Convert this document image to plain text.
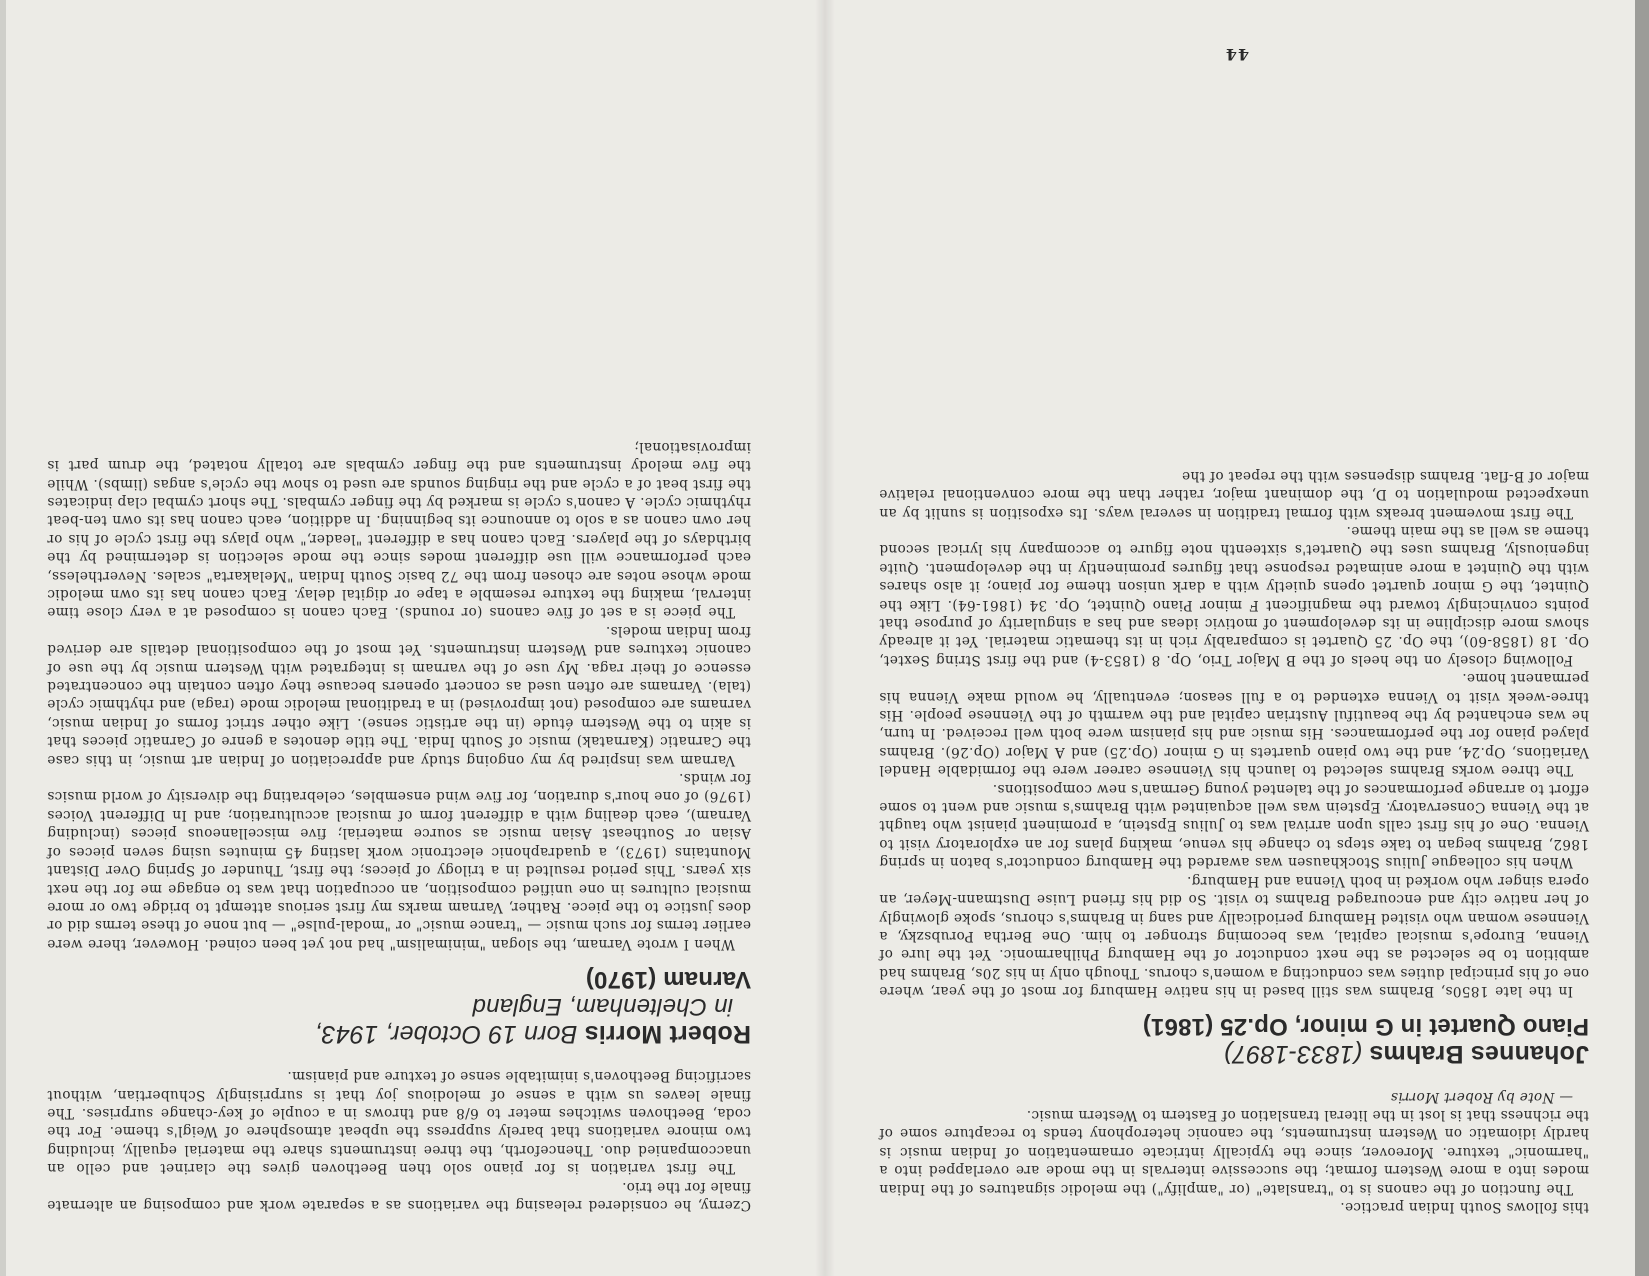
this follows South Indian practice.

The function of the canons is to "translate" (or "amplify") the melodic signatures of the Indian modes into a more Western format; the successive intervals in the mode are overlapped into a "harmonic" texture. Moreover, since the typically intricate ornamentation of Indian music is hardly idiomatic on Western instruments, the canonic heterophony tends to recapture some of the richness that is lost in the literal translation of Eastern to Western music.

— Note by Robert Morris

Johannes Brahms (1833-1897)
Piano Quartet in G minor, Op.25 (1861)

In the late 1850s, Brahms was still based in his native Hamburg for most of the year, where one of his principal duties was conducting a women's chorus. Though only in his 20s, Brahms had ambition to be selected as the next conductor of the Hamburg Philharmonic. Yet the lure of Vienna, Europe's musical capital, was becoming stronger to him. One Bertha Porubszky, a Viennese woman who visited Hamburg periodically and sang in Brahms's chorus, spoke glowingly of her native city and encouraged Brahms to visit. So did his friend Luise Dustmann-Meyer, an opera singer who worked in both Vienna and Hamburg.

When his colleague Julius Stockhausen was awarded the Hamburg conductor's baton in spring 1862, Brahms began to take steps to change his venue, making plans for an exploratory visit to Vienna. One of his first calls upon arrival was to Julius Epstein, a prominent pianist who taught at the Vienna Conservatory. Epstein was well acquainted with Brahms's music and went to some effort to arrange performances of the talented young German's new compositions.

The three works Brahms selected to launch his Viennese career were the formidable Handel Variations, Op.24, and the two piano quartets in G minor (Op.25) and A Major (Op.26). Brahms played piano for the performances. His music and his pianism were both well received. In turn, he was enchanted by the beautiful Austrian capital and the warmth of the Viennese people. His three-week visit to Vienna extended to a full season; eventually, he would make Vienna his permanent home.

Following closely on the heels of the B Major Trio, Op. 8 (1853-4) and the first String Sextet, Op. 18 (1858-60), the Op. 25 Quartet is comparably rich in its thematic material. Yet it already shows more discipline in its development of motivic ideas and has a singularity of purpose that points convincingly toward the magnificent F minor Piano Quintet, Op. 34 (1861-64). Like the Quintet, the G minor quartet opens quietly with a dark unison theme for piano; it also shares with the Quintet a more animated response that figures prominently in the development. Quite ingeniously, Brahms uses the Quartet's sixteenth note figure to accompany his lyrical second theme as well as the main theme.

The first movement breaks with formal tradition in several ways. Its exposition is sunlit by an unexpected modulation to D, the dominant major, rather than the more conventional relative major of B-flat. Brahms dispenses with the repeat of the

44

Czerny, he considered releasing the variations as a separate work and composing an alternate finale for the trio.

The first variation is for piano solo then Beethoven gives the clarinet and cello an unaccompanied duo. Thenceforth, the three instruments share the material equally, including two minore variations that barely suppress the upbeat atmosphere of Weigl's theme. For the coda, Beethoven switches meter to 6/8 and throws in a couple of key-change surprises. The finale leaves us with a sense of melodious joy that is surprisingly Schubertian, without sacrificing Beethoven's inimitable sense of texture and pianism.

Robert Morris Born 19 October, 1943,
in Cheltenham, England
Varnam (1970)

When I wrote Varnam, the slogan "minimalism" had not yet been coined. However, there were earlier terms for such music — "trance music" or "modal-pulse" — but none of these terms did or does justice to the piece. Rather, Varnam marks my first serious attempt to bridge two or more musical cultures in one unified composition, an occupation that was to engage me for the next six years. This period resulted in a trilogy of pieces; the first, Thunder of Spring Over Distant Mountains (1973), a quadraphonic electronic work lasting 45 minutes using seven pieces of Asian or Southeast Asian music as source material; five miscellaneous pieces (including Varnam), each dealing with a different form of musical acculturation; and In Different Voices (1976) of one hour's duration, for five wind ensembles, celebrating the diversity of world musics for winds.

Varnam was inspired by my ongoing study and appreciation of Indian art music, in this case the Carnatic (Karnatak) music of South India. The title denotes a genre of Carnatic pieces that is akin to the Western étude (in the artistic sense). Like other strict forms of Indian music, varnams are composed (not improvised) in a traditional melodic mode (raga) and rhythmic cycle (tala). Varnams are often used as concert openers because they often contain the concentrated essence of their raga. My use of the varnam is integrated with Western music by the use of canonic textures and Western instruments. Yet most of the compositional details are derived from Indian models.

The piece is a set of five canons (or rounds). Each canon is composed at a very close time interval, making the texture resemble a tape or digital delay. Each canon has its own melodic mode whose notes are chosen from the 72 basic South Indian "Melakarta" scales. Nevertheless, each performance will use different modes since the mode selection is determined by the birthdays of the players. Each canon has a different "leader," who plays the first cycle of his or her own canon as a solo to announce its beginning. In addition, each canon has its own ten-beat rhythmic cycle. A canon's cycle is marked by the finger cymbals. The short cymbal clap indicates the first beat of a cycle and the ringing sounds are used to show the cycle's angas (limbs). While the five melody instruments and the finger cymbals are totally notated, the drum part is improvisational;
